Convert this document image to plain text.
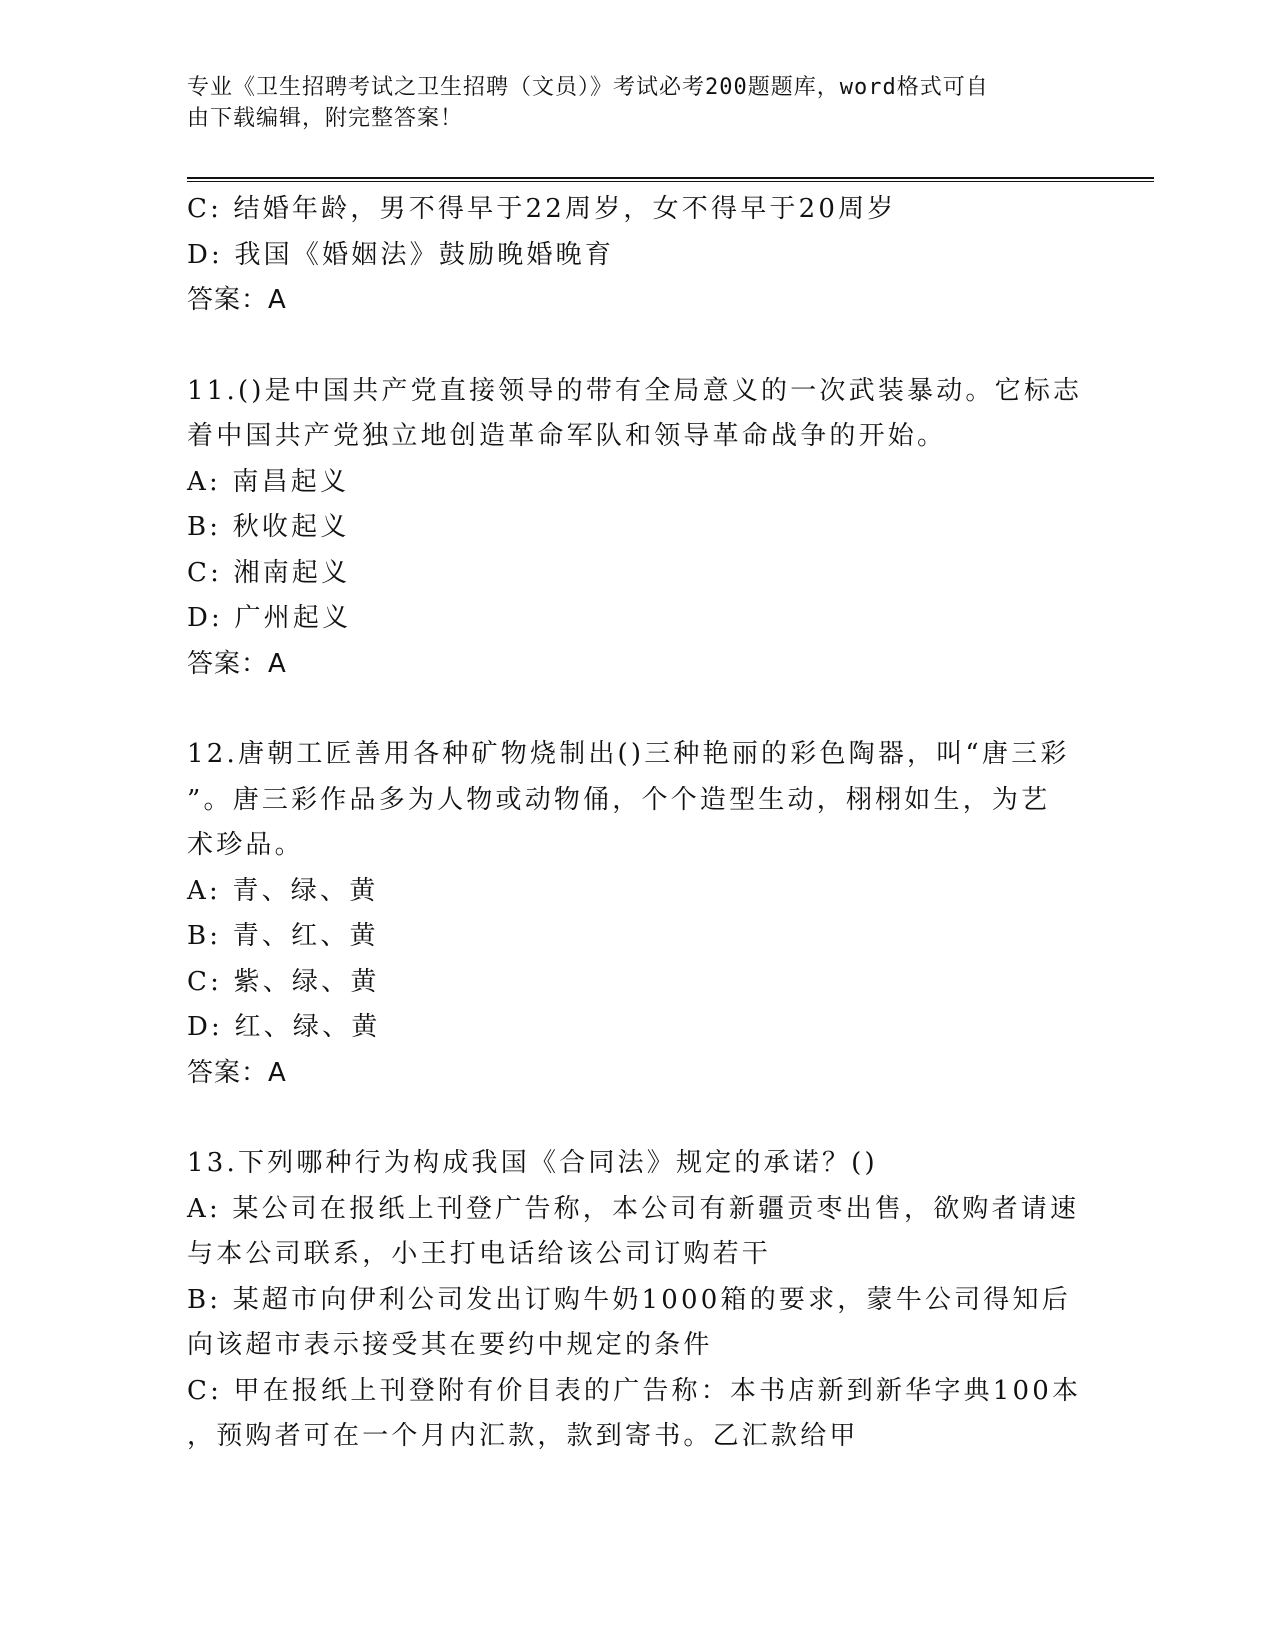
专业《卫生招聘考试之卫生招聘（文员）》考试必考200题题库，word格式可自
由下载编辑，附完整答案！
C: 结婚年龄，男不得早于22周岁，女不得早于20周岁
D: 我国《婚姻法》鼓励晚婚晚育
答案：A
11.()是中国共产党直接领导的带有全局意义的一次武装暴动。它标志
着中国共产党独立地创造革命军队和领导革命战争的开始。
A: 南昌起义
B: 秋收起义
C: 湘南起义
D: 广州起义
答案：A
12.唐朝工匠善用各种矿物烧制出()三种艳丽的彩色陶器，叫“唐三彩
”。唐三彩作品多为人物或动物俑，个个造型生动，栩栩如生，为艺
术珍品。
A: 青、绿、黄
B: 青、红、黄
C: 紫、绿、黄
D: 红、绿、黄
答案：A
13.下列哪种行为构成我国《合同法》规定的承诺？()
A: 某公司在报纸上刊登广告称，本公司有新疆贡枣出售，欲购者请速
与本公司联系，小王打电话给该公司订购若干
B: 某超市向伊利公司发出订购牛奶1000箱的要求，蒙牛公司得知后
向该超市表示接受其在要约中规定的条件
C: 甲在报纸上刊登附有价目表的广告称：本书店新到新华字典100本
，预购者可在一个月内汇款，款到寄书。乙汇款给甲
